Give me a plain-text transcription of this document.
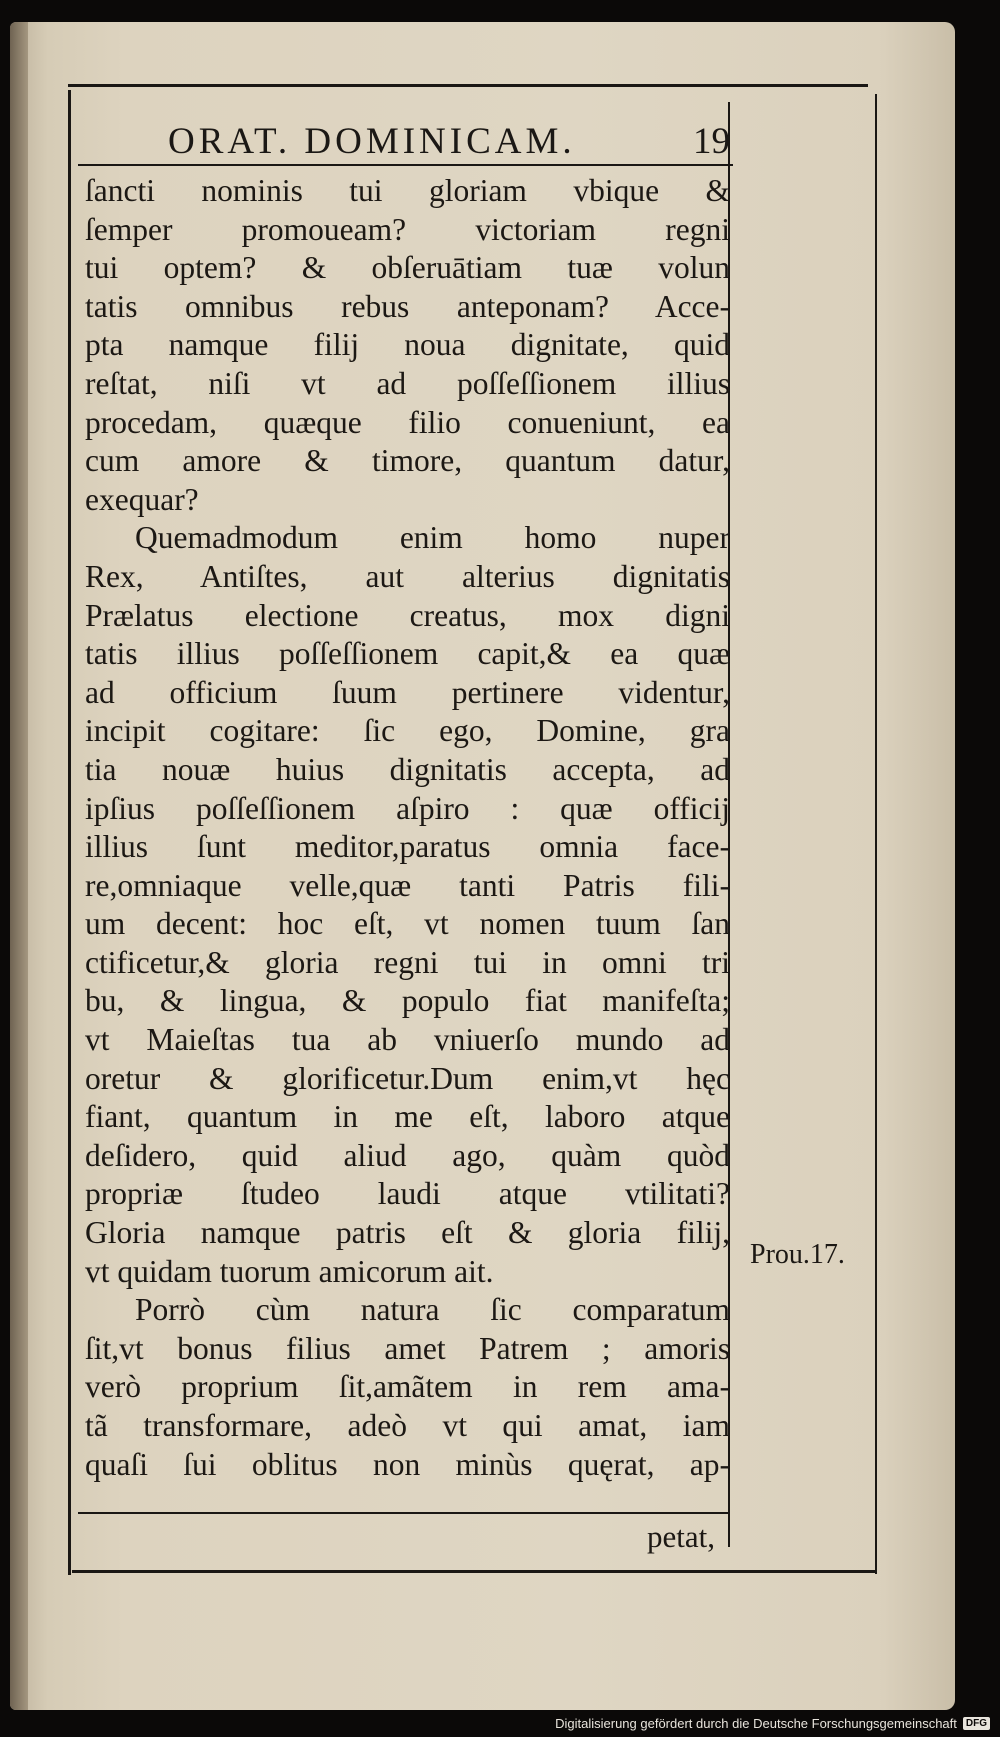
ORAT. DOMINICAM.	19
ſancti nominis tui gloriam vbique &
ſemper promoueam? victoriam regni
tui optem? & obſeruātiam tuæ volun
tatis omnibus rebus anteponam? Acce-
pta namque filij noua dignitate, quid
reſtat, niſi vt ad poſſeſſionem illius
procedam, quæque filio conueniunt, ea
cum amore & timore, quantum datur,
exequar?
Quemadmodum enim homo nuper
Rex, Antiſtes, aut alterius dignitatis
Prælatus electione creatus, mox digni
tatis illius poſſeſſionem capit,& ea quæ
ad officium ſuum pertinere videntur,
incipit cogitare: ſic ego, Domine, gra
tia nouæ huius dignitatis accepta, ad
ipſius poſſeſſionem aſpiro : quæ officij
illius ſunt meditor,paratus omnia face-
re,omniaque velle,quæ tanti Patris fili-
um decent: hoc eſt, vt nomen tuum ſan
ctificetur,& gloria regni tui in omni tri
bu, & lingua, & populo fiat manifeſta;
vt Maieſtas tua ab vniuerſo mundo ad
oretur & glorificetur.Dum enim,vt hęc
fiant, quantum in me eſt, laboro atque
deſidero, quid aliud ago, quàm quòd
propriæ ſtudeo laudi atque vtilitati?
Gloria namque patris eſt & gloria filij,
vt quidam tuorum amicorum ait.
Porrò cùm natura ſic comparatum
ſit,vt bonus filius amet Patrem ; amoris
verò proprium ſit,amãtem in rem ama-
tã transformare, adeò vt qui amat, iam
quaſi ſui oblitus non minùs quęrat, ap-
Prou.17.
petat,
Digitalisierung gefördert durch die Deutsche Forschungsgemeinschaft DFG
